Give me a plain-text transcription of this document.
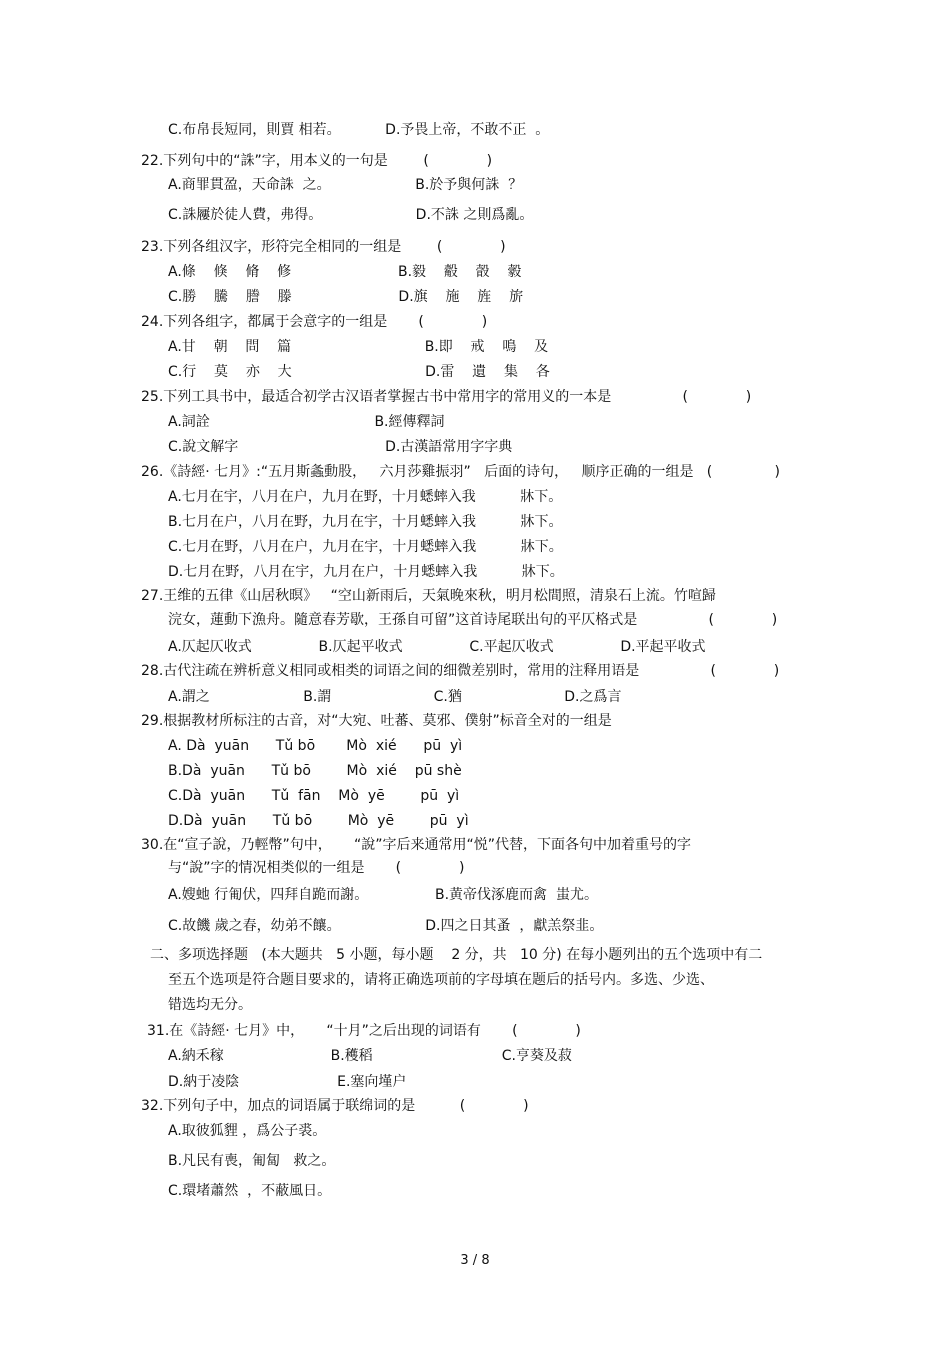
C.布帛長短同，則賈 相若。          D.予畏上帝，不敢不正  。
22.下列句中的“誅”字，用本义的一句是        (             )
A.商罪貫盈，天命誅  之。                   B.於予與何誅  ？
C.誅屨於徒人費，弗得。                     D.不誅 之則爲亂。
23.下列各组汉字，形符完全相同的一组是        (             )
A.條    倏    脩    修                        B.毅    觳    瞉    豰
C.勝    騰    謄    滕                        D.旗    施    旌    旂
24.下列各组字，都属于会意字的一组是       (             )
A.甘    朝    問    篇                              B.即    戒    鳴    及
C.行    莫    亦    大                              D.雷    遺    集    各
25.下列工具书中，最适合初学古汉语者掌握古书中常用字的常用义的一本是                (             )
A.詞詮                                     B.經傳釋詞
C.說文解字                                 D.古漢語常用字字典
26.《詩經· 七月》:“五月斯螽動股，   六月莎雞振羽”   后面的诗句，   顺序正确的一组是   (              )
A.七月在宇，八月在户，九月在野，十月蟋蟀入我          牀下。
B.七月在户，八月在野，九月在宇，十月蟋蟀入我          牀下。
C.七月在野，八月在户，九月在宇，十月蟋蟀入我          牀下。
D.七月在野，八月在宇，九月在户，十月蟋蟀入我          牀下。
27.王维的五律《山居秋暝》   “空山新雨后，天氣晚來秋，明月松間照，清泉石上流。竹喧歸
浣女，蓮動下漁舟。隨意春芳歇，王孫自可留”这首诗尾联出句的平仄格式是                (             )
A.仄起仄收式               B.仄起平收式               C.平起仄收式               D.平起平收式
28.古代注疏在辨析意义相同或相类的词语之间的细微差别时，常用的注释用语是                (             )
A.謂之                     B.謂                       C.猶                       D.之爲言
29.根据教材所标注的古音，对“大宛、吐蕃、莫邪、僕射”标音全对的一组是
A. Dà  yuān      Tǔ bō       Mò  xié      pū  yì
B.Dà  yuān      Tǔ bō        Mò  xié    pū shè
C.Dà  yuān      Tǔ  fān    Mò  yē        pū  yì
D.Dà  yuān      Tǔ bō        Mò  yē        pū  yì
30.在“宣子說，乃輕幣”句中，     “說”字后来通常用“悦”代替，下面各句中加着重号的字
与“說”字的情况相类似的一组是       (             )
A.嫂虵 行匍伏，四拜自跪而謝。               B.黄帝伐涿鹿而禽  蚩尤。
C.故饑 歲之春，幼弟不饟。                   D.四之日其蚤  ，獻羔祭韭。
二、多项选择题   (本大题共   5 小题，每小题    2 分，共   10 分) 在每小题列出的五个选项中有二
至五个选项是符合题目要求的，请将正确选项前的字母填在题后的括号内。多选、少选、
错选均无分。
31.在《詩經· 七月》中，     “十月”之后出现的词语有       (             )
A.納禾稼                        B.穫稻                             C.亨葵及菽
D.納于凌陰                      E.塞向墐户
32.下列句子中，加点的词语属于联绵词的是          (             )
A.取彼狐貍 ，爲公子裘。
B.凡民有喪，匍匐   救之。
C.環堵蕭然  ，不蔽風日。
3 / 8
